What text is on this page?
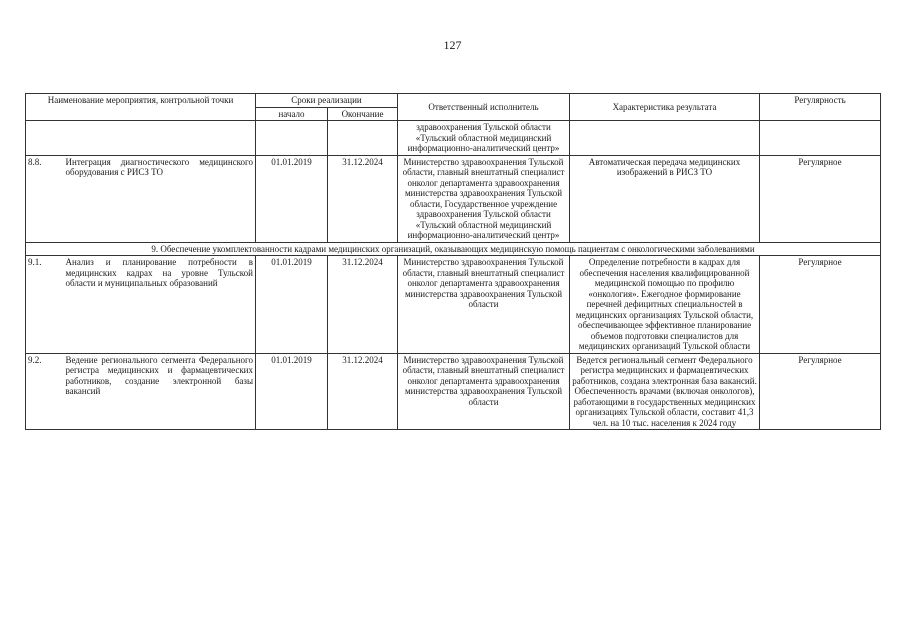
127
Наименование мероприятия, контрольной точки		Сроки реализации		Ответственный исполнитель	Характеристика результата	Регулярность
		начало	Окончание			
				здравоохранения Тульской области «Тульский областной медицинский информационно-аналитический центр»		
8.8.	Интеграция диагностического медицинского оборудования с РИСЗ ТО	01.01.2019	31.12.2024	Министерство здравоохранения Тульской области, главный внештатный специалист онколог департамента здравоохранения министерства здравоохранения Тульской области, Государственное учреждение здравоохранения Тульской области «Тульский областной медицинский информационно-аналитический центр»	Автоматическая передача медицинских изображений в РИСЗ ТО	Регулярное
9. Обеспечение укомплектованности кадрами медицинских организаций, оказывающих медицинскую помощь пациентам с онкологическими заболеваниями						
9.1.	Анализ и планирование потребности в медицинских кадрах на уровне Тульской области и муниципальных образований	01.01.2019	31.12.2024	Министерство здравоохранения Тульской области, главный внештатный специалист онколог департамента здравоохранения министерства здравоохранения Тульской области	Определение потребности в кадрах для обеспечения населения квалифицированной медицинской помощью по профилю «онкология». Ежегодное формирование перечней дефицитных специальностей в медицинских организациях Тульской области, обеспечивающее эффективное планирование объемов подготовки специалистов для медицинских организаций Тульской области	Регулярное
9.2.	Ведение регионального сегмента Федерального регистра медицинских и фармацевтических работников, создание электронной базы вакансий	01.01.2019	31.12.2024	Министерство здравоохранения Тульской области, главный внештатный специалист онколог департамента здравоохранения министерства здравоохранения Тульской области	Ведется региональный сегмент Федерального регистра медицинских и фармацевтических работников, создана электронная база вакансий. Обеспеченность врачами (включая онкологов), работающими в государственных медицинских организациях Тульской области, составит 41,3 чел. на 10 тыс. населения к 2024 году	Регулярное
